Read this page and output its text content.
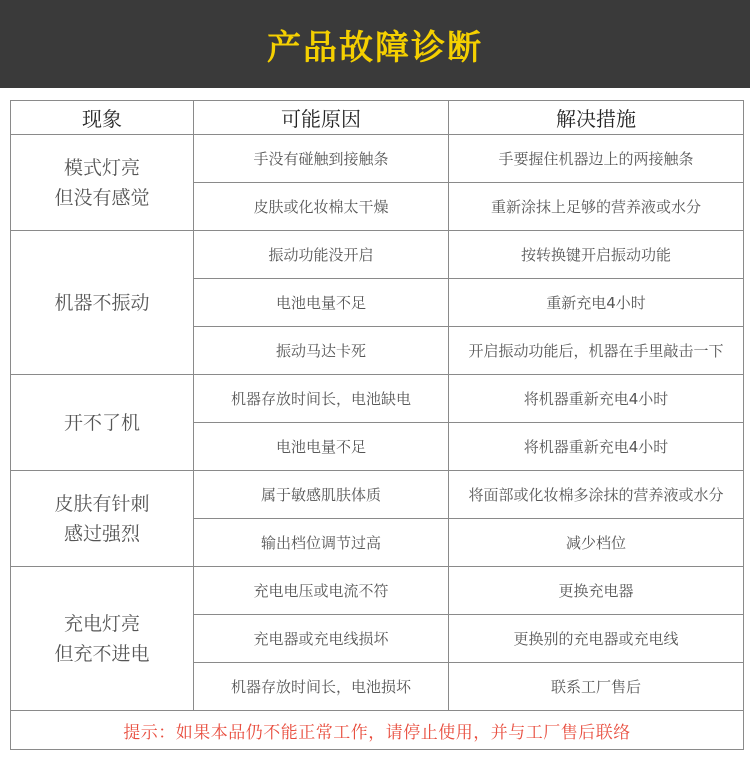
产品故障诊断
现象	可能原因	解决措施

模式灯亮
但没有感觉	手没有碰触到接触条	手要握住机器边上的两接触条
	皮肤或化妆棉太干燥	重新涂抹上足够的营养液或水分

机器不振动	振动功能没开启	按转换键开启振动功能
	电池电量不足	重新充电4小时
	振动马达卡死	开启振动功能后，机器在手里敲击一下

开不了机	机器存放时间长，电池缺电	将机器重新充电4小时
	电池电量不足	将机器重新充电4小时

皮肤有针刺
感过强烈	属于敏感肌肤体质	将面部或化妆棉多涂抹的营养液或水分
	输出档位调节过高	减少档位

充电灯亮
但充不进电	充电电压或电流不符	更换充电器
	充电器或充电线损坏	更换别的充电器或充电线
	机器存放时间长，电池损坏	联系工厂售后
提示：如果本品仍不能正常工作，请停止使用，并与工厂售后联络		
